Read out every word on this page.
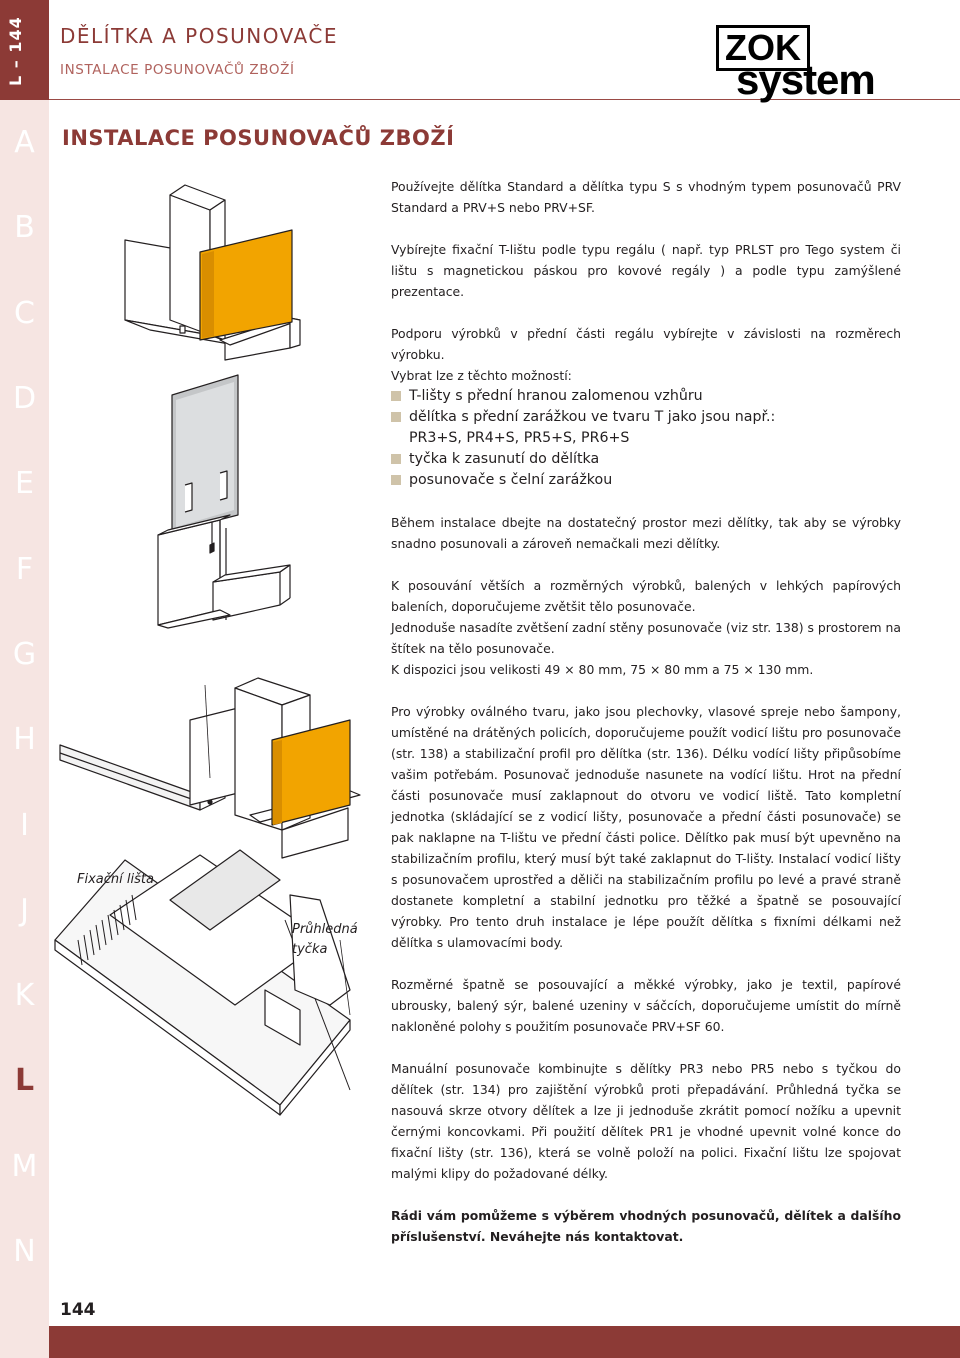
L – 144
A
B
C
D
E
F
G
H
I
J
K
L
M
N
DĚLÍTKA A POSUNOVAČE
INSTALACE POSUNOVAČŮ ZBOŽÍ
ZOK
system
INSTALACE POSUNOVAČŮ ZBOŽÍ

Používejte dělítka Standard a dělítka typu S s vhodným typem posunovačů PRV Standard a PRV+S nebo PRV+SF.

Vybírejte fixační T-lištu podle typu regálu ( např. typ PRLST pro Tego system či lištu s magnetickou páskou pro kovové regály ) a podle typu zamýšlené prezentace.

Podporu výrobků v přední části regálu vybírejte v závislosti na rozměrech výrobku.

Vybrat lze z těchto možností:

T-lišty s přední hranou zalomenou vzhůru
dělítka s přední zarážkou ve tvaru T jako jsou např.:
PR3+S, PR4+S, PR5+S, PR6+S
tyčka k zasunutí do dělítka
posunovače s čelní zarážkou

Během instalace dbejte na dostatečný prostor mezi dělítky, tak aby se výrobky snadno posunovali a zároveň nemačkali mezi dělítky.

K posouvání větších a rozměrných výrobků, balených v lehkých papírových baleních, doporučujeme zvětšit tělo posunovače.

Jednoduše nasadíte zvětšení zadní stěny posunovače (viz str. 138) s prostorem na štítek na tělo posunovače.

K dispozici jsou velikosti 49 × 80 mm, 75 × 80 mm a 75 × 130 mm.

Pro výrobky oválného tvaru, jako jsou plechovky, vlasové spreje nebo šampony, umístěné na drátěných policích, doporučujeme použít vodicí lištu pro posunovače (str. 138) a stabilizační profil pro dělítka (str. 136). Délku vodící lišty připůsobíme vašim potřebám. Posunovač jednoduše nasunete na vodící lištu. Hrot na přední části posunovače musí zaklapnout do otvoru ve vodicí liště. Tato kompletní jednotka (skládající se z vodicí lišty, posunovače a přední části posunovače) se pak naklapne na T-lištu ve přední části police. Dělítko pak musí být upevněno na stabilizačním profilu, který musí být také zaklapnut do T-lišty. Instalací vodicí lišty s posunovačem uprostřed a děliči na stabilizačním profilu po levé a pravé straně dostanete kompletní a stabilní jednotku pro těžké a špatně se posouvající výrobky. Pro tento druh instalace je lépe použít dělítka s fixními délkami než dělítka s ulamovacími body.

Rozměrné špatně se posouvající a měkké výrobky, jako je textil, papírové ubrousky, balený sýr, balené uzeniny v sáčcích, doporučujeme umístit do mírně nakloněné polohy s použitím posunovače PRV+SF 60.

Manuální posunovače kombinujte s dělítky PR3 nebo PR5 nebo s tyčkou do dělítek (str. 134) pro zajištění výrobků proti přepadávání. Průhledná tyčka se nasouvá skrze otvory dělítek a lze ji jednoduše zkrátit pomocí nožíku a upevnit černými koncovkami. Při použití dělítek PR1 je vhodné upevnit volné konce do fixační lišty (str. 136), která se volně položí na polici. Fixační lištu lze spojovat malými klipy do požadované délky.

Rádi vám pomůžeme s výběrem vhodných posunovačů, dělítek a dalšího příslušenství. Neváhejte nás kontaktovat.

Fixační lišta
Průhledná
tyčka
144
